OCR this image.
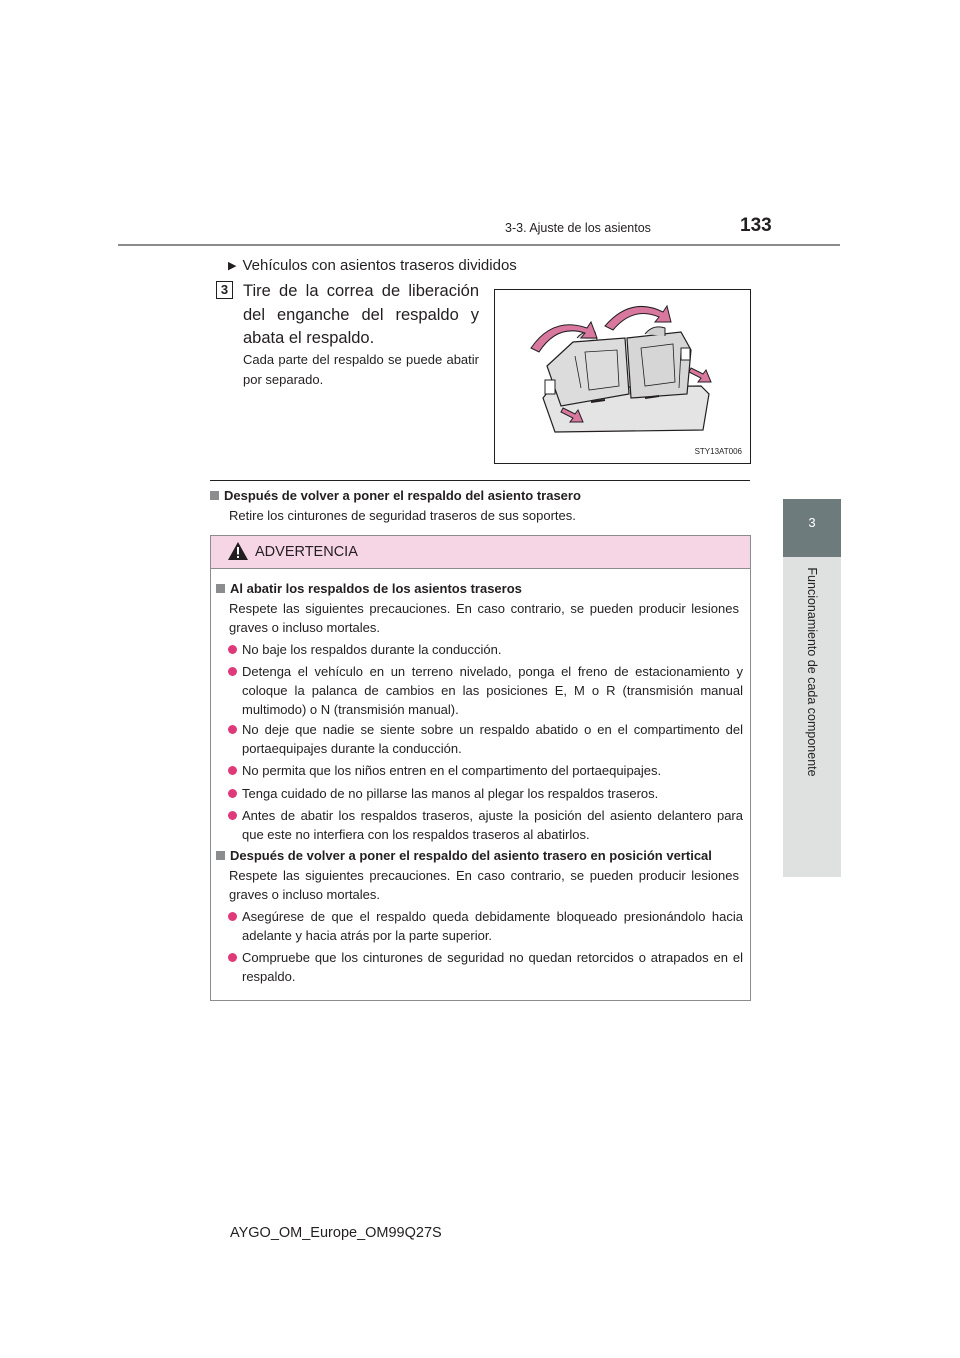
3-3. Ajuste de los asientos	133
3
Funcionamiento de cada componente
▶ Vehículos con asientos traseros divididos
3 Tire de la correa de liberación del enganche del respaldo y abata el respaldo.
Cada parte del respaldo se puede abatir por separado.
STY13AT006
Después de volver a poner el respaldo del asiento trasero
Retire los cinturones de seguridad traseros de sus soportes.
ADVERTENCIA
Al abatir los respaldos de los asientos traseros
Respete las siguientes precauciones. En caso contrario, se pueden producir lesiones graves o incluso mortales.
No baje los respaldos durante la conducción.
Detenga el vehículo en un terreno nivelado, ponga el freno de estacionamiento y coloque la palanca de cambios en las posiciones E, M o R (transmisión manual multimodo) o N (transmisión manual).
No deje que nadie se siente sobre un respaldo abatido o en el compartimento del portaequipajes durante la conducción.
No permita que los niños entren en el compartimento del portaequipajes.
Tenga cuidado de no pillarse las manos al plegar los respaldos traseros.
Antes de abatir los respaldos traseros, ajuste la posición del asiento delantero para que este no interfiera con los respaldos traseros al abatirlos.
Después de volver a poner el respaldo del asiento trasero en posición vertical
Respete las siguientes precauciones. En caso contrario, se pueden producir lesiones graves o incluso mortales.
Asegúrese de que el respaldo queda debidamente bloqueado presionándolo hacia adelante y hacia atrás por la parte superior.
Compruebe que los cinturones de seguridad no quedan retorcidos o atrapados en el respaldo.
AYGO_OM_Europe_OM99Q27S
